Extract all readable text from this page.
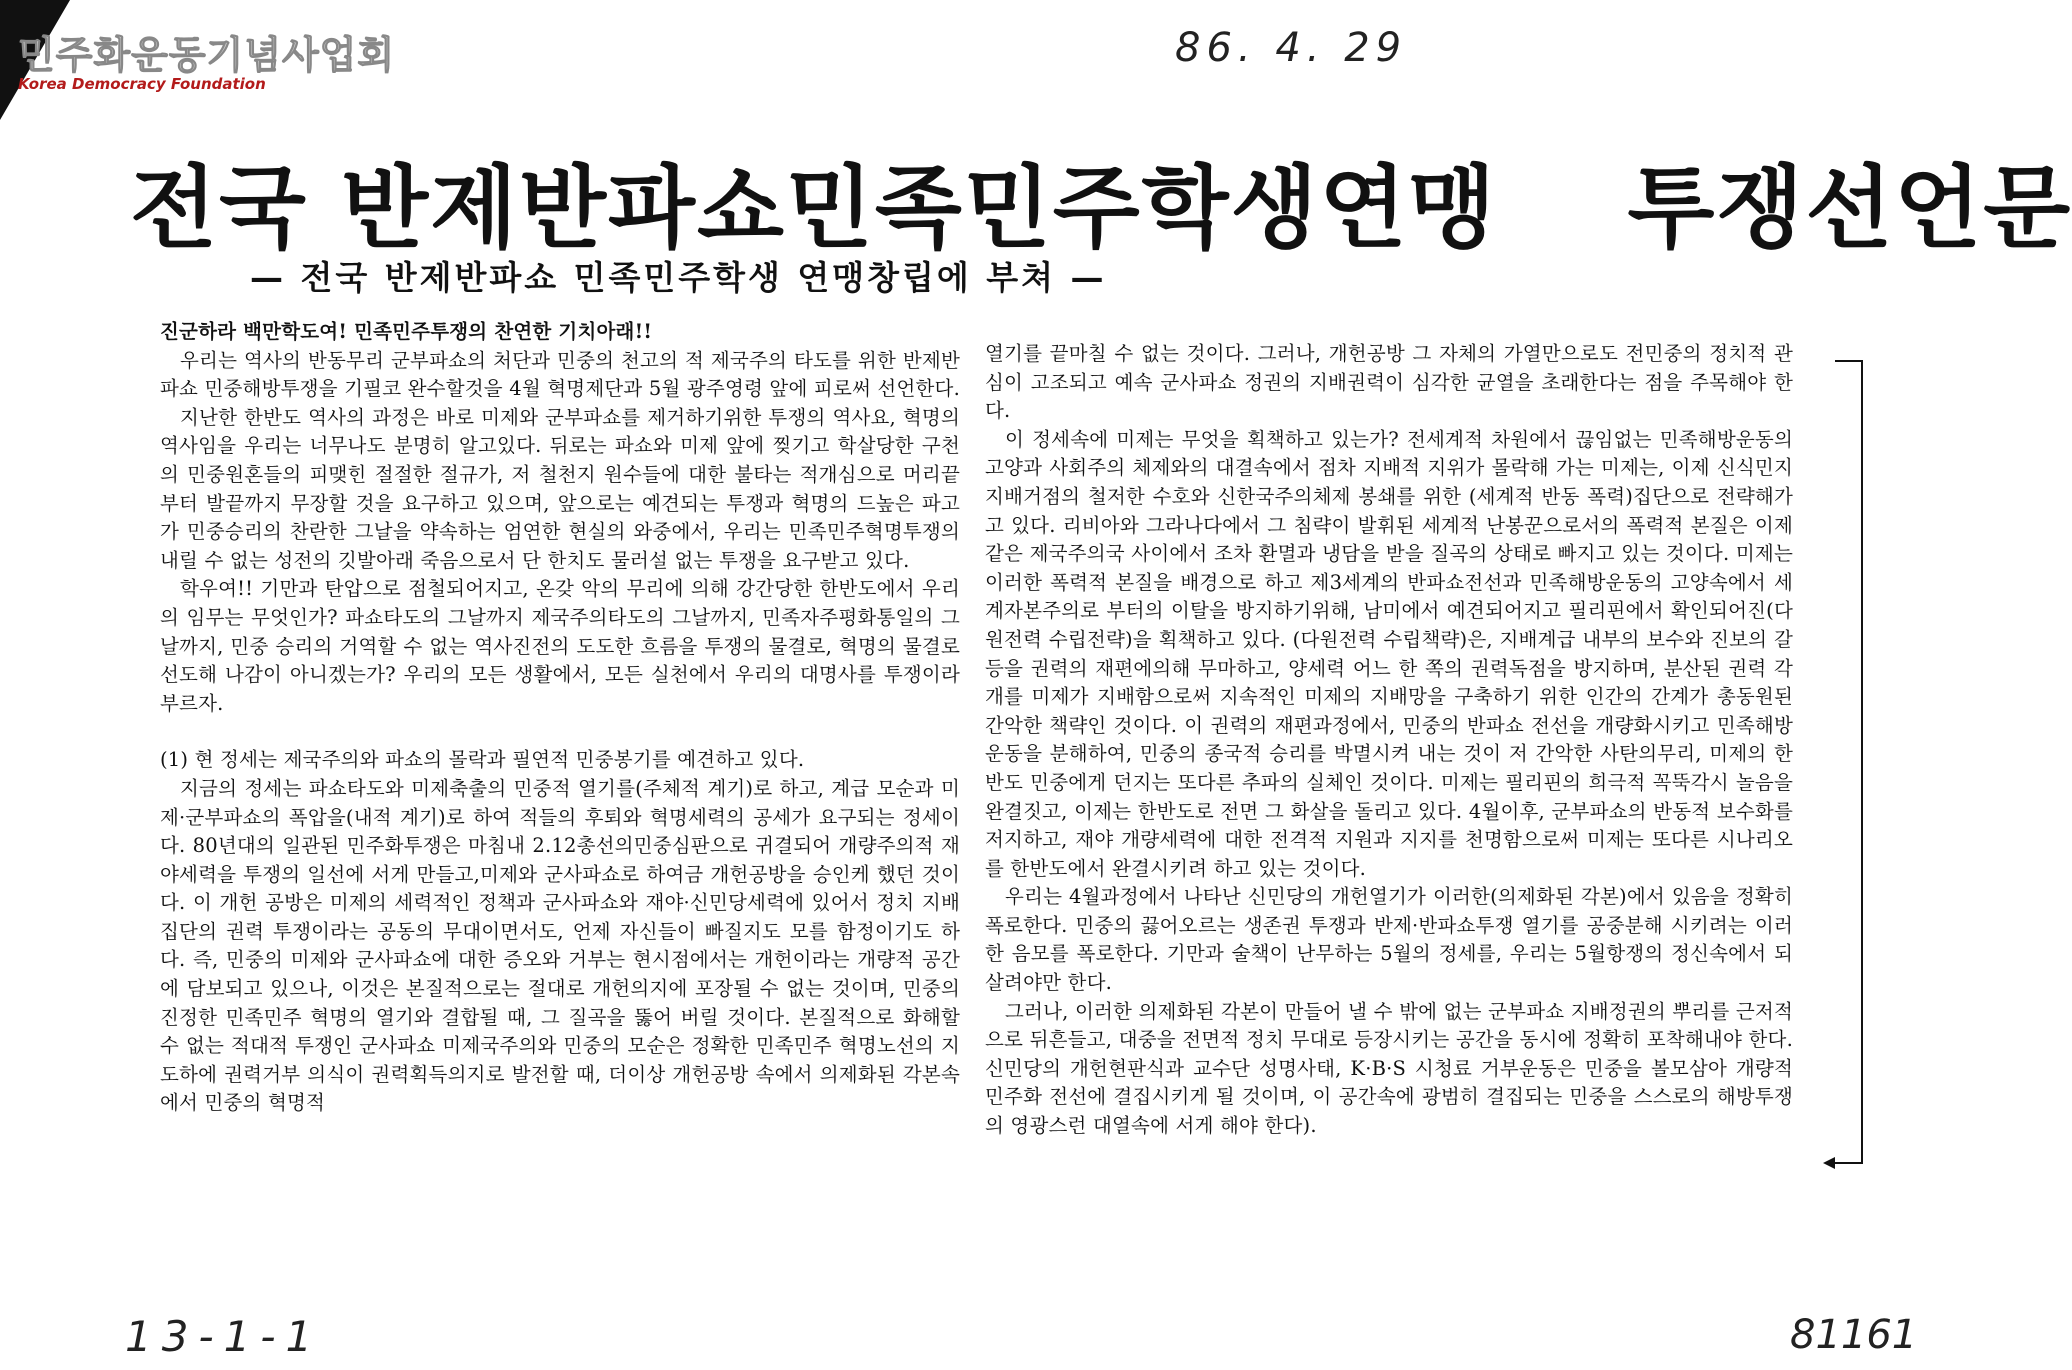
민주화운동기념사업회
Korea Democracy Foundation
86. 4. 29
전국 반제반파쇼민족민주학생연맹 투쟁선언문
— 전국 반제반파쇼 민족민주학생 연맹창립에 부쳐 —

진군하라 백만학도여! 민족민주투쟁의 찬연한 기치아래!!

우리는 역사의 반동무리 군부파쇼의 처단과 민중의 천고의 적 제국주의 타도를 위한 반제반파쇼 민중해방투쟁을 기필코 완수할것을 4월 혁명제단과 5월 광주영령 앞에 피로써 선언한다.

지난한 한반도 역사의 과정은 바로 미제와 군부파쇼를 제거하기위한 투쟁의 역사요, 혁명의 역사임을 우리는 너무나도 분명히 알고있다. 뒤로는 파쇼와 미제 앞에 찢기고 학살당한 구천의 민중원혼들의 피맺힌 절절한 절규가, 저 철천지 원수들에 대한 불타는 적개심으로 머리끝부터 발끝까지 무장할 것을 요구하고 있으며, 앞으로는 예견되는 투쟁과 혁명의 드높은 파고가 민중승리의 찬란한 그날을 약속하는 엄연한 현실의 와중에서, 우리는 민족민주혁명투쟁의 내릴 수 없는 성전의 깃발아래 죽음으로서 단 한치도 물러설 없는 투쟁을 요구받고 있다.

학우여!! 기만과 탄압으로 점철되어지고, 온갖 악의 무리에 의해 강간당한 한반도에서 우리의 임무는 무엇인가? 파쇼타도의 그날까지 제국주의타도의 그날까지, 민족자주평화통일의 그날까지, 민중 승리의 거역할 수 없는 역사진전의 도도한 흐름을 투쟁의 물결로, 혁명의 물결로 선도해 나감이 아니겠는가? 우리의 모든 생활에서, 모든 실천에서 우리의 대명사를 투쟁이라 부르자.

(1) 현 정세는 제국주의와 파쇼의 몰락과 필연적 민중봉기를 예견하고 있다.

지금의 정세는 파쇼타도와 미제축출의 민중적 열기를(주체적 계기)로 하고, 계급 모순과 미제·군부파쇼의 폭압을(내적 계기)로 하여 적들의 후퇴와 혁명세력의 공세가 요구되는 정세이다. 80년대의 일관된 민주화투쟁은 마침내 2.12총선의민중심판으로 귀결되어 개량주의적 재야세력을 투쟁의 일선에 서게 만들고,미제와 군사파쇼로 하여금 개헌공방을 승인케 했던 것이다. 이 개헌 공방은 미제의 세력적인 정책과 군사파쇼와 재야·신민당세력에 있어서 정치 지배집단의 권력 투쟁이라는 공동의 무대이면서도, 언제 자신들이 빠질지도 모를 함정이기도 하다. 즉, 민중의 미제와 군사파쇼에 대한 증오와 거부는 현시점에서는 개헌이라는 개량적 공간에 담보되고 있으나, 이것은 본질적으로는 절대로 개헌의지에 포장될 수 없는 것이며, 민중의 진정한 민족민주 혁명의 열기와 결합될 때, 그 질곡을 뚫어 버릴 것이다. 본질적으로 화해할 수 없는 적대적 투쟁인 군사파쇼 미제국주의와 민중의 모순은 정확한 민족민주 혁명노선의 지도하에 권력거부 의식이 권력획득의지로 발전할 때, 더이상 개헌공방 속에서 의제화된 각본속에서 민중의 혁명적

열기를 끝마칠 수 없는 것이다. 그러나, 개헌공방 그 자체의 가열만으로도 전민중의 정치적 관심이 고조되고 예속 군사파쇼 정권의 지배권력이 심각한 균열을 초래한다는 점을 주목해야 한다.

이 정세속에 미제는 무엇을 획책하고 있는가? 전세계적 차원에서 끊임없는 민족해방운동의 고양과 사회주의 체제와의 대결속에서 점차 지배적 지위가 몰락해 가는 미제는, 이제 신식민지 지배거점의 철저한 수호와 신한국주의체제 봉쇄를 위한 (세계적 반동 폭력)집단으로 전략해가고 있다. 리비아와 그라나다에서 그 침략이 발휘된 세계적 난봉꾼으로서의 폭력적 본질은 이제 같은 제국주의국 사이에서 조차 환멸과 냉담을 받을 질곡의 상태로 빠지고 있는 것이다. 미제는 이러한 폭력적 본질을 배경으로 하고 제3세계의 반파쇼전선과 민족해방운동의 고양속에서 세계자본주의로 부터의 이탈을 방지하기위해, 남미에서 예견되어지고 필리핀에서 확인되어진(다원전력 수립전략)을 획책하고 있다. (다원전력 수립책략)은, 지배계급 내부의 보수와 진보의 갈등을 권력의 재편에의해 무마하고, 양세력 어느 한 쪽의 권력독점을 방지하며, 분산된 권력 각개를 미제가 지배함으로써 지속적인 미제의 지배망을 구축하기 위한 인간의 간계가 총동원된 간악한 책략인 것이다. 이 권력의 재편과정에서, 민중의 반파쇼 전선을 개량화시키고 민족해방운동을 분해하여, 민중의 종국적 승리를 박멸시켜 내는 것이 저 간악한 사탄의무리, 미제의 한반도 민중에게 던지는 또다른 추파의 실체인 것이다. 미제는 필리핀의 희극적 꼭뚝각시 놀음을 완결짓고, 이제는 한반도로 전면 그 화살을 돌리고 있다. 4월이후, 군부파쇼의 반동적 보수화를 저지하고, 재야 개량세력에 대한 전격적 지원과 지지를 천명함으로써 미제는 또다른 시나리오를 한반도에서 완결시키려 하고 있는 것이다.

우리는 4월과정에서 나타난 신민당의 개헌열기가 이러한(의제화된 각본)에서 있음을 정확히 폭로한다. 민중의 끓어오르는 생존권 투쟁과 반제·반파쇼투쟁 열기를 공중분해 시키려는 이러한 음모를 폭로한다. 기만과 술책이 난무하는 5월의 정세를, 우리는 5월항쟁의 정신속에서 되살려야만 한다.

그러나, 이러한 의제화된 각본이 만들어 낼 수 밖에 없는 군부파쇼 지배정권의 뿌리를 근저적으로 뒤흔들고, 대중을 전면적 정치 무대로 등장시키는 공간을 동시에 정확히 포착해내야 한다. 신민당의 개헌현판식과 교수단 성명사태, K·B·S 시청료 거부운동은 민중을 볼모삼아 개량적 민주화 전선에 결집시키게 될 것이며, 이 공간속에 광범히 결집되는 민중을 스스로의 해방투쟁의 영광스런 대열속에 서게 해야 한다).

13-1-1	81161
